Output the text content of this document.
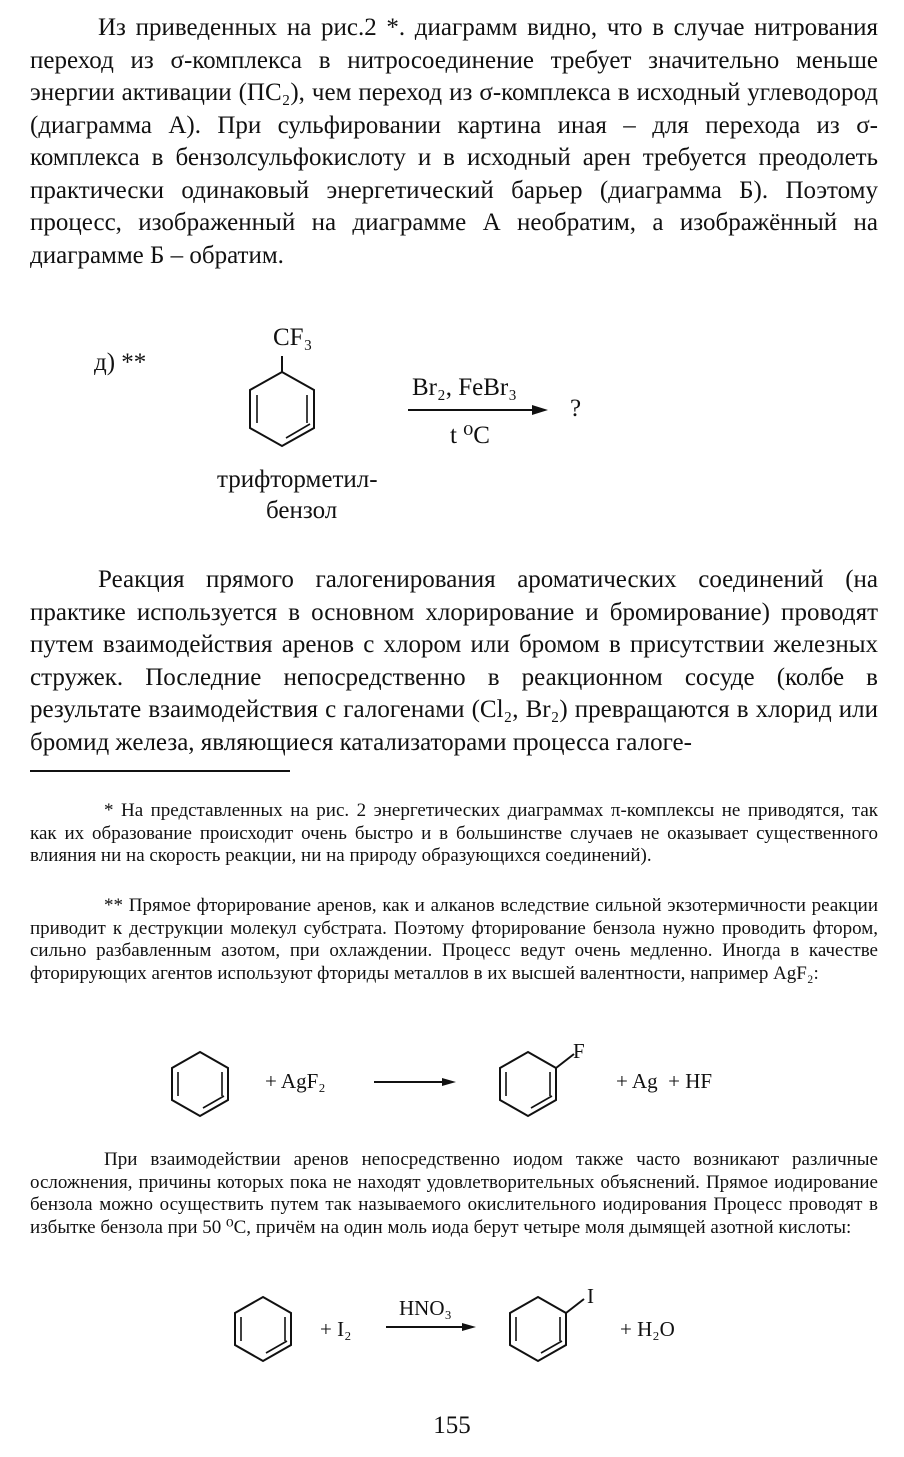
Из приведенных на рис.2 *. диаграмм видно, что в случае нитрования переход из σ-комплекса в нитросоединение требует значительно меньше энергии активации (ПС₂), чем переход из σ-комплекса в исходный углеводород (диаграмма А). При сульфировании картина иная – для перехода из σ-комплекса в бензолсульфокислоту и в исходный арен требуется преодолеть практически одинаковый энергетический барьер (диаграмма Б). Поэтому процесс, изображенный на диаграмме А необратим, а изображённый на диаграмме Б – обратим.

д) **

CF₃

Br₂, FeBr₃

t ⁰C

?

трифторметил-

бензол

Реакция прямого галогенирования ароматических соединений (на практике используется в основном хлорирование и бромирование) проводят путем взаимодействия аренов с хлором или бромом в присутствии железных стружек. Последние непосредственно в реакционном сосуде (колбе в результате взаимодействия с галогенами (Cl₂, Br₂) превращаются в хлорид или бромид железа, являющиеся катализаторами процесса галоге-

* На представленных на рис. 2 энергетических диаграммах π-комплексы не приводятся, так как их образование происходит очень быстро и в большинстве случаев не оказывает существенного влияния ни на скорость реакции, ни на природу образующихся соединений).

** Прямое фторирование аренов, как и алканов вследствие сильной экзотермичности реакции приводит к деструкции молекул субстрата. Поэтому фторирование бензола нужно проводить фтором, сильно разбавленным азотом, при охлаждении. Процесс ведут очень медленно. Иногда в качестве фторирующих агентов используют фториды металлов в их высшей валентности, например AgF₂:

+ AgF₂

F

+ Ag  + HF

При взаимодействии аренов непосредственно иодом также часто возникают различные осложнения, причины которых пока не находят удовлетворительных объяснений. Прямое иодирование бензола можно осуществить путем так называемого окислительного иодирования Процесс проводят в избытке бензола при 50 ⁰С, причём на один моль иода берут четыре моля дымящей азотной кислоты:

+ I₂

HNO₃	I

+ H₂O

155
